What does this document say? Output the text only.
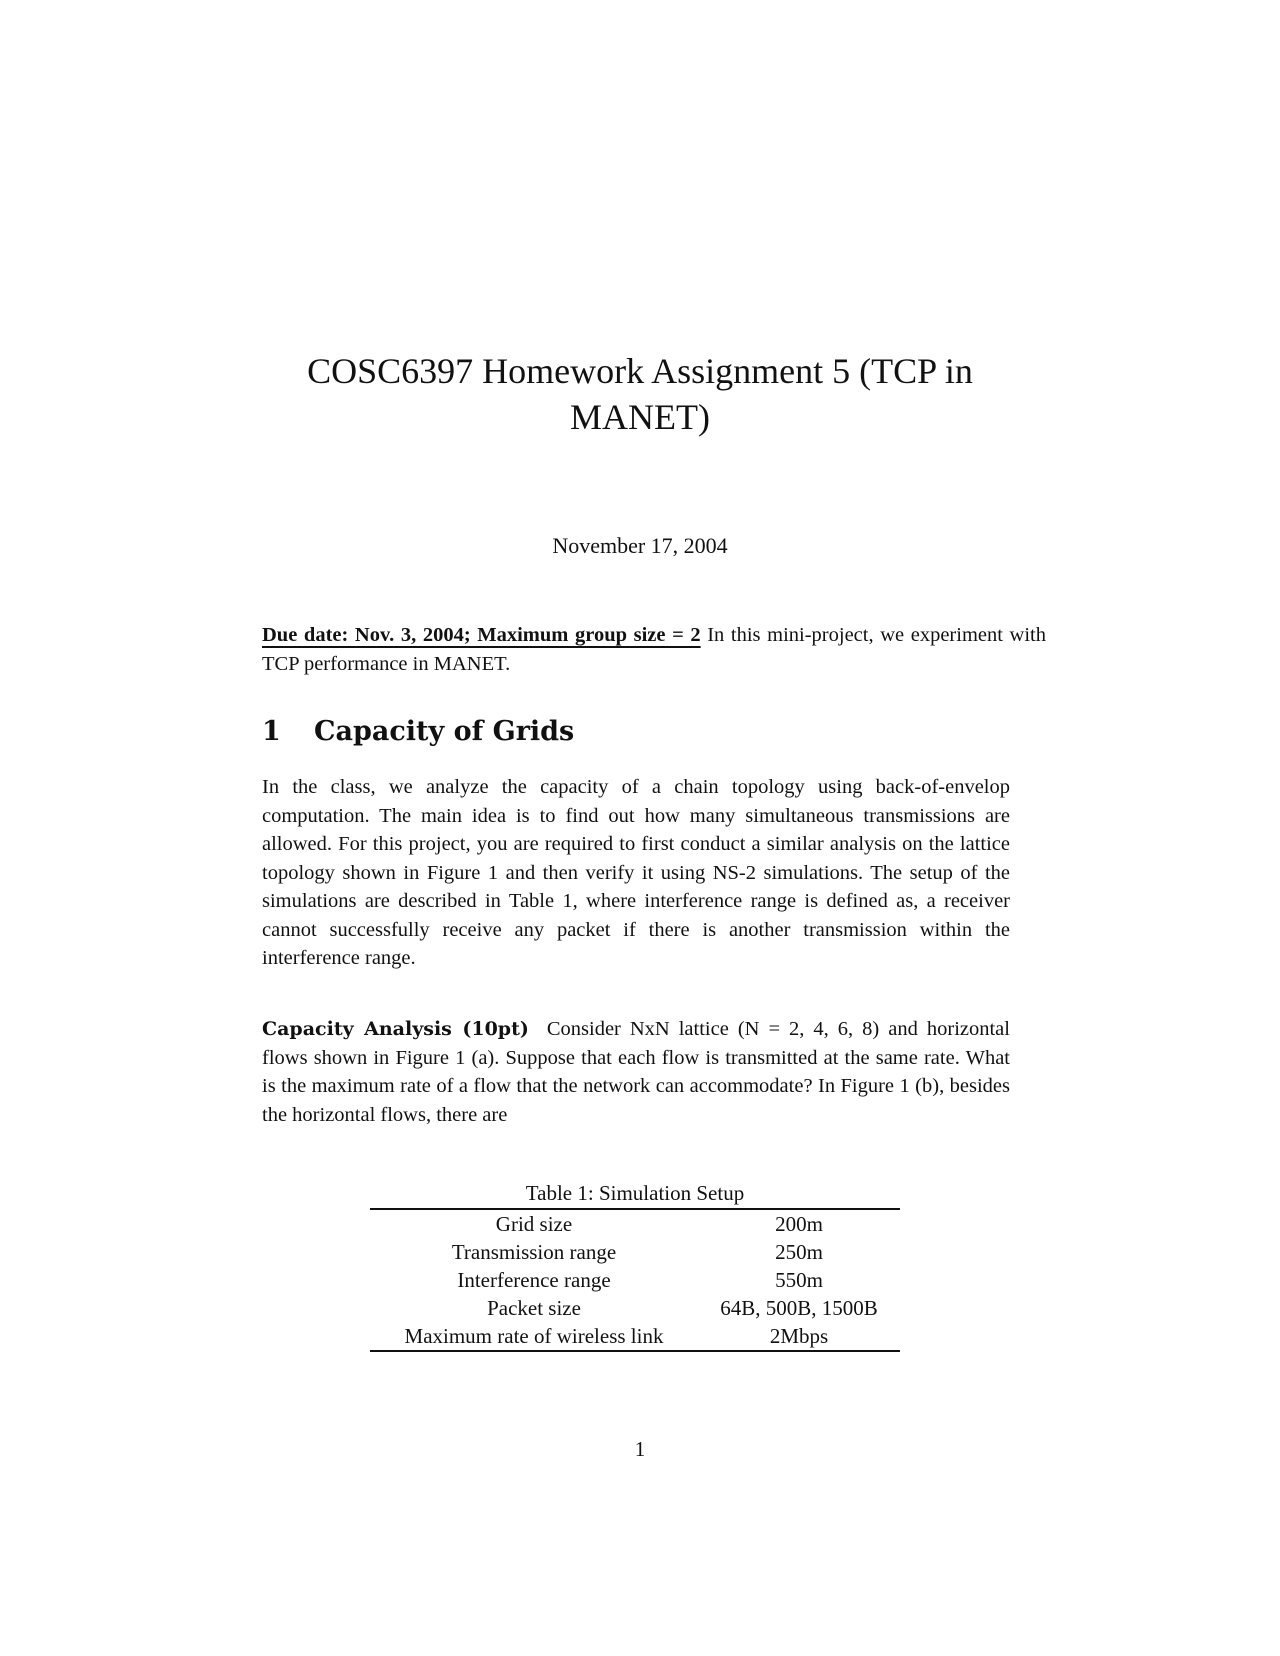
COSC6397 Homework Assignment 5 (TCP in
MANET)
November 17, 2004
Due date: Nov. 3, 2004; Maximum group size = 2 In this mini-project, we experiment with TCP performance in MANET.
1 Capacity of Grids

In the class, we analyze the capacity of a chain topology using back-of-envelop computation. The main idea is to find out how many simultaneous transmissions are allowed. For this project, you are required to first conduct a similar analysis on the lattice topology shown in Figure 1 and then verify it using NS-2 simulations. The setup of the simulations are described in Table 1, where interference range is defined as, a receiver cannot successfully receive any packet if there is another transmission within the interference range.

Capacity Analysis (10pt) Consider NxN lattice (N = 2, 4, 6, 8) and horizontal flows shown in Figure 1 (a). Suppose that each flow is transmitted at the same rate. What is the maximum rate of a flow that the network can accommodate? In Figure 1 (b), besides the horizontal flows, there are

Table 1: Simulation Setup
Grid size	200m
Transmission range	250m
Interference range	550m
Packet size	64B, 500B, 1500B
Maximum rate of wireless link	2Mbps
1
